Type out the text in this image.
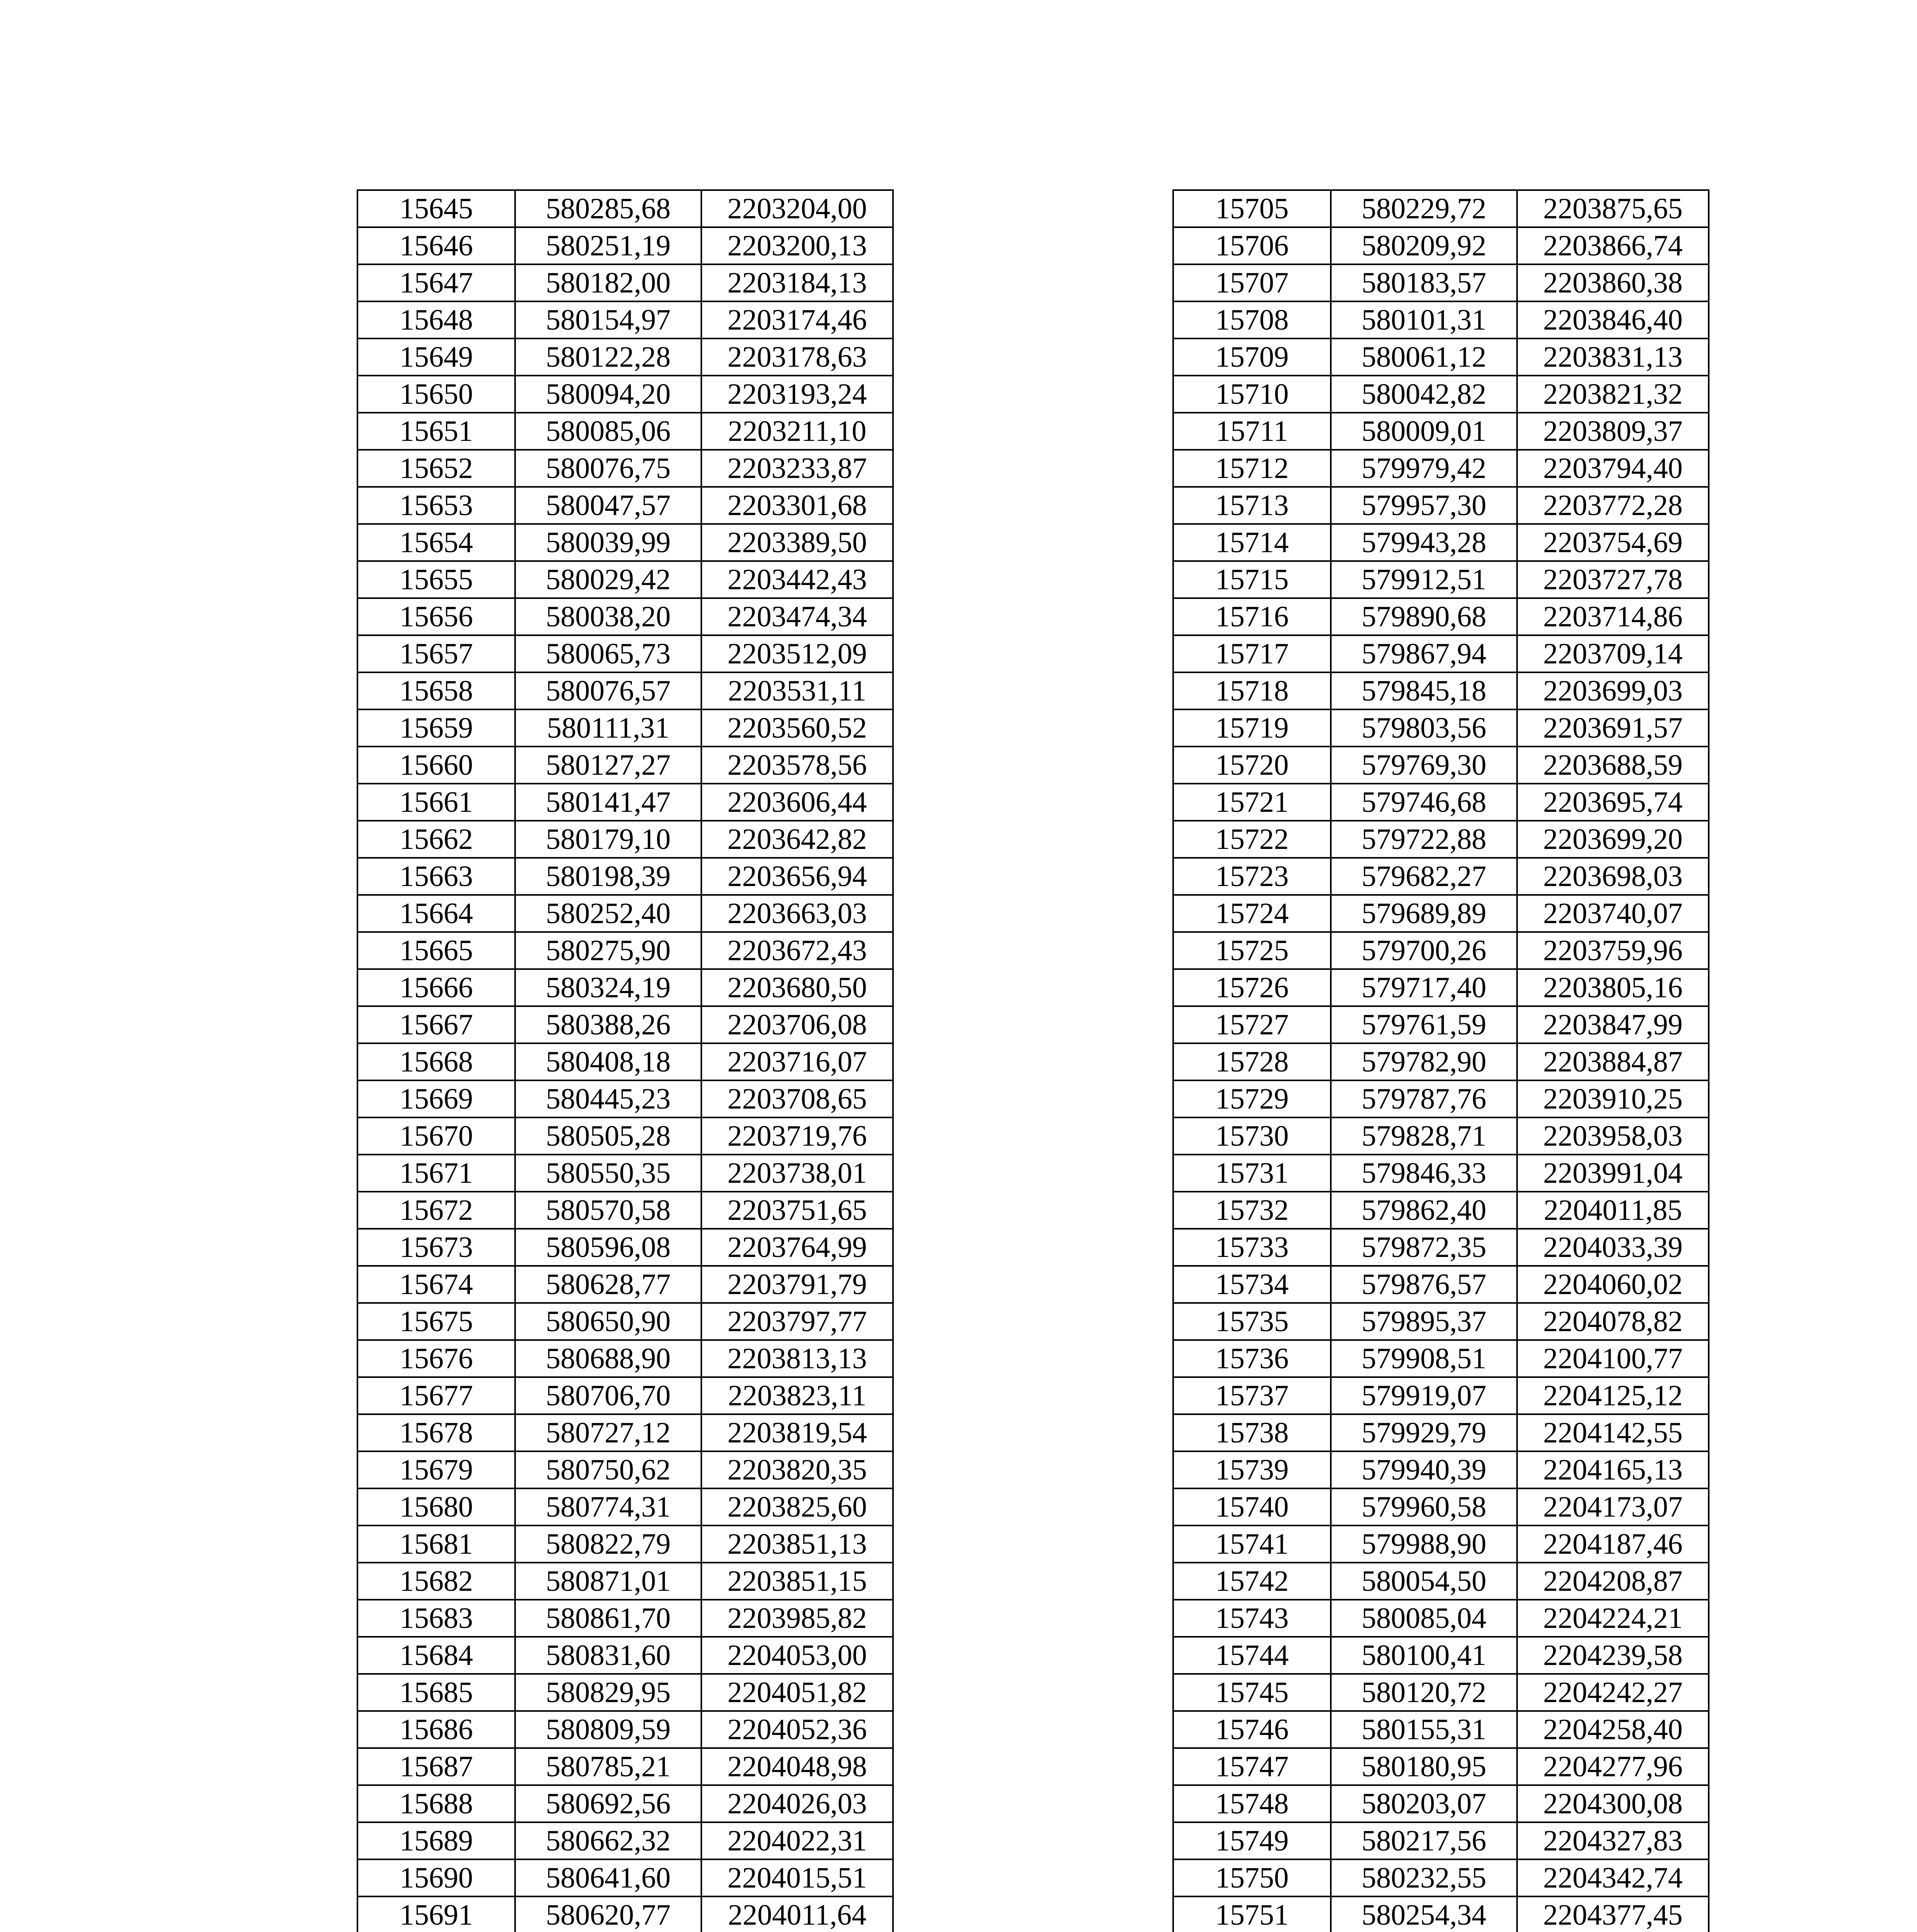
15645	580285,68	2203204,00
15646	580251,19	2203200,13
15647	580182,00	2203184,13
15648	580154,97	2203174,46
15649	580122,28	2203178,63
15650	580094,20	2203193,24
15651	580085,06	2203211,10
15652	580076,75	2203233,87
15653	580047,57	2203301,68
15654	580039,99	2203389,50
15655	580029,42	2203442,43
15656	580038,20	2203474,34
15657	580065,73	2203512,09
15658	580076,57	2203531,11
15659	580111,31	2203560,52
15660	580127,27	2203578,56
15661	580141,47	2203606,44
15662	580179,10	2203642,82
15663	580198,39	2203656,94
15664	580252,40	2203663,03
15665	580275,90	2203672,43
15666	580324,19	2203680,50
15667	580388,26	2203706,08
15668	580408,18	2203716,07
15669	580445,23	2203708,65
15670	580505,28	2203719,76
15671	580550,35	2203738,01
15672	580570,58	2203751,65
15673	580596,08	2203764,99
15674	580628,77	2203791,79
15675	580650,90	2203797,77
15676	580688,90	2203813,13
15677	580706,70	2203823,11
15678	580727,12	2203819,54
15679	580750,62	2203820,35
15680	580774,31	2203825,60
15681	580822,79	2203851,13
15682	580871,01	2203851,15
15683	580861,70	2203985,82
15684	580831,60	2204053,00
15685	580829,95	2204051,82
15686	580809,59	2204052,36
15687	580785,21	2204048,98
15688	580692,56	2204026,03
15689	580662,32	2204022,31
15690	580641,60	2204015,51
15691	580620,77	2204011,64

15705	580229,72	2203875,65
15706	580209,92	2203866,74
15707	580183,57	2203860,38
15708	580101,31	2203846,40
15709	580061,12	2203831,13
15710	580042,82	2203821,32
15711	580009,01	2203809,37
15712	579979,42	2203794,40
15713	579957,30	2203772,28
15714	579943,28	2203754,69
15715	579912,51	2203727,78
15716	579890,68	2203714,86
15717	579867,94	2203709,14
15718	579845,18	2203699,03
15719	579803,56	2203691,57
15720	579769,30	2203688,59
15721	579746,68	2203695,74
15722	579722,88	2203699,20
15723	579682,27	2203698,03
15724	579689,89	2203740,07
15725	579700,26	2203759,96
15726	579717,40	2203805,16
15727	579761,59	2203847,99
15728	579782,90	2203884,87
15729	579787,76	2203910,25
15730	579828,71	2203958,03
15731	579846,33	2203991,04
15732	579862,40	2204011,85
15733	579872,35	2204033,39
15734	579876,57	2204060,02
15735	579895,37	2204078,82
15736	579908,51	2204100,77
15737	579919,07	2204125,12
15738	579929,79	2204142,55
15739	579940,39	2204165,13
15740	579960,58	2204173,07
15741	579988,90	2204187,46
15742	580054,50	2204208,87
15743	580085,04	2204224,21
15744	580100,41	2204239,58
15745	580120,72	2204242,27
15746	580155,31	2204258,40
15747	580180,95	2204277,96
15748	580203,07	2204300,08
15749	580217,56	2204327,83
15750	580232,55	2204342,74
15751	580254,34	2204377,45
